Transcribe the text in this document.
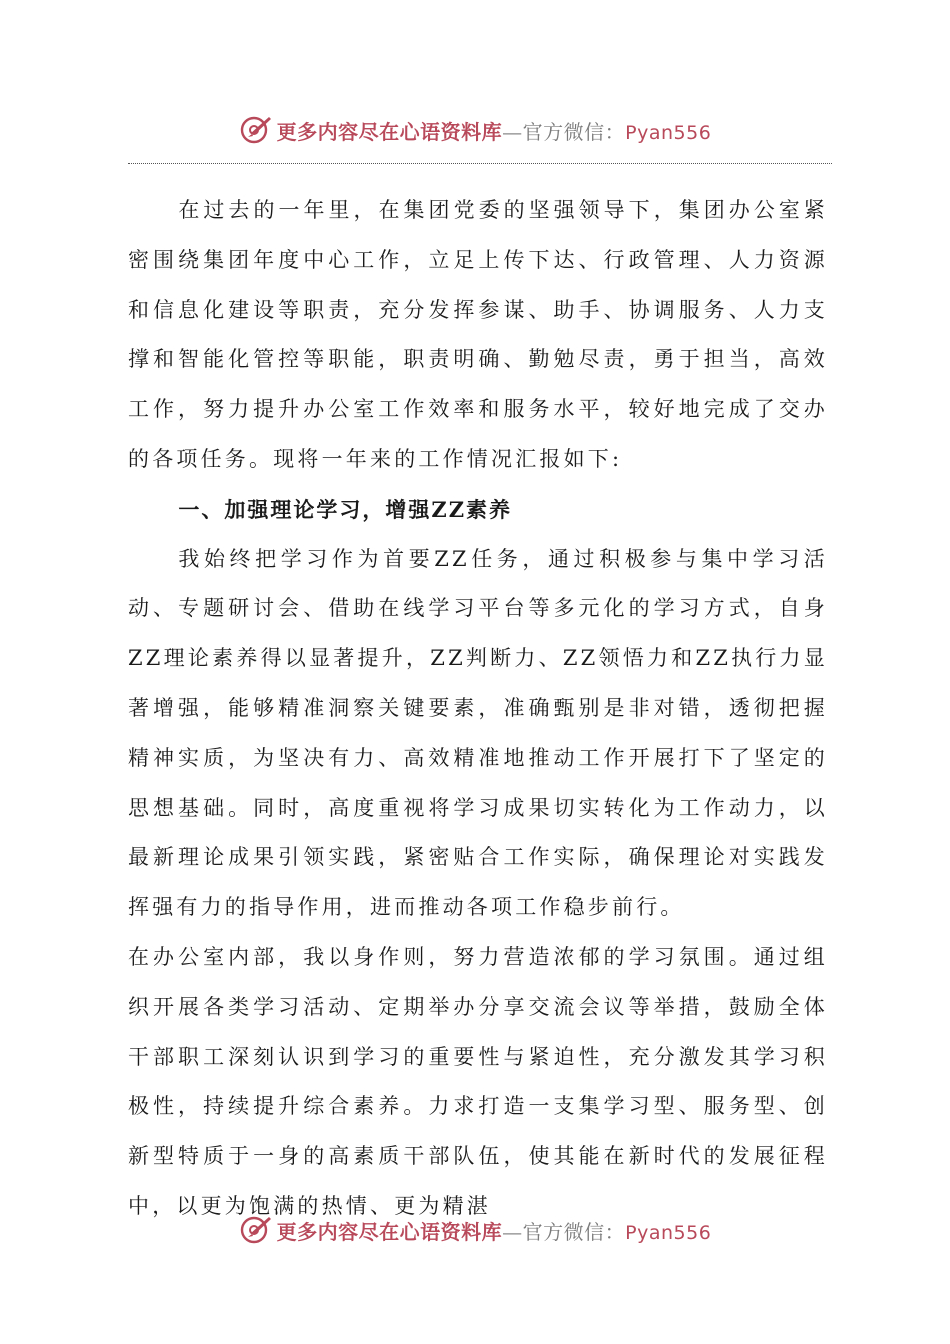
更多内容尽在心语资料库—官方微信：Pyan556

在过去的一年里，在集团党委的坚强领导下，集团办公室紧密围绕集团年度中心工作，立足上传下达、行政管理、人力资源和信息化建设等职责，充分发挥参谋、助手、协调服务、人力支撑和智能化管控等职能，职责明确、勤勉尽责，勇于担当，高效工作，努力提升办公室工作效率和服务水平，较好地完成了交办的各项任务。现将一年来的工作情况汇报如下:

一、加强理论学习，增强ZZ素养

我始终把学习作为首要ZZ任务，通过积极参与集中学习活动、专题研讨会、借助在线学习平台等多元化的学习方式，自身ZZ理论素养得以显著提升，ZZ判断力、ZZ领悟力和ZZ执行力显著增强，能够精准洞察关键要素，准确甄别是非对错，透彻把握精神实质，为坚决有力、高效精准地推动工作开展打下了坚定的思想基础。同时，高度重视将学习成果切实转化为工作动力，以最新理论成果引领实践，紧密贴合工作实际，确保理论对实践发挥强有力的指导作用，进而推动各项工作稳步前行。

在办公室内部，我以身作则，努力营造浓郁的学习氛围。通过组织开展各类学习活动、定期举办分享交流会议等举措，鼓励全体干部职工深刻认识到学习的重要性与紧迫性，充分激发其学习积极性，持续提升综合素养。力求打造一支集学习型、服务型、创新型特质于一身的高素质干部队伍，使其能在新时代的发展征程中，以更为饱满的热情、更为精湛

更多内容尽在心语资料库—官方微信：Pyan556
